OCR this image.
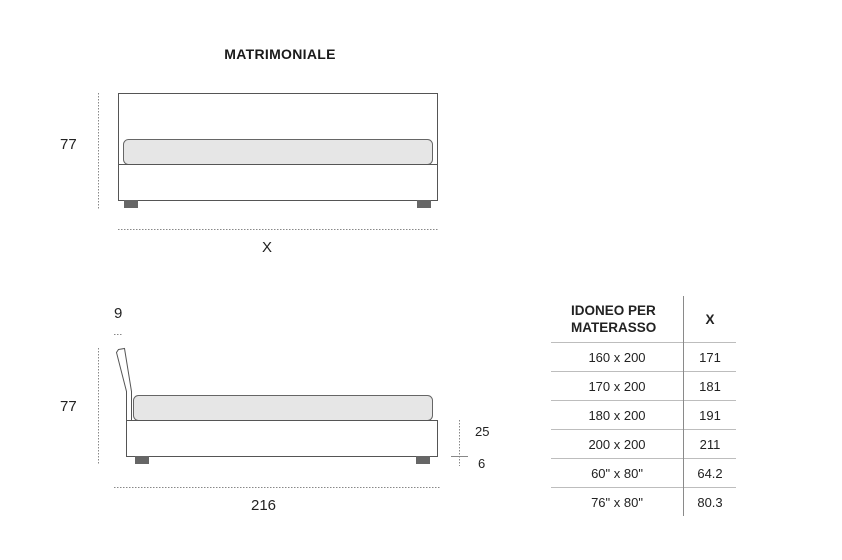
MATRIMONIALE
77
X
9
77
216
25
6
IDONEO PER
MATERASSO	X
160 x 200	171
170 x 200	181
180 x 200	191
200 x 200	211
60" x 80"	64.2
76" x 80"	80.3
